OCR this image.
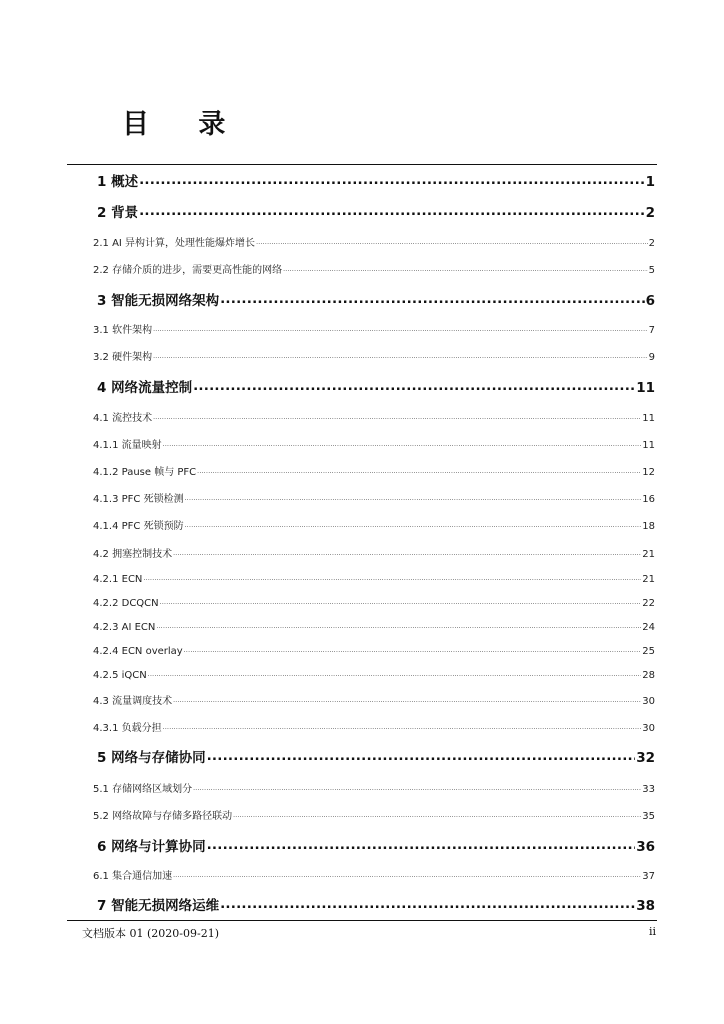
目 录
1 概述 .....	1
2 背景 .....	2
2.1 AI 异构计算，处理性能爆炸增长 .....	2
2.2 存储介质的进步，需要更高性能的网络 .....	5
3 智能无损网络架构 .....	6
3.1 软件架构 .....	7
3.2 硬件架构 .....	9
4 网络流量控制 .....	11
4.1 流控技术 .....	11
4.1.1 流量映射 .....	11
4.1.2 Pause 帧与 PFC .....	12
4.1.3 PFC 死锁检测 .....	16
4.1.4 PFC 死锁预防 .....	18
4.2 拥塞控制技术 .....	21
4.2.1 ECN .....	21
4.2.2 DCQCN .....	22
4.2.3 AI ECN .....	24
4.2.4 ECN overlay .....	25
4.2.5 iQCN .....	28
4.3 流量调度技术 .....	30
4.3.1 负载分担 .....	30
5 网络与存储协同 .....	32
5.1 存储网络区域划分 .....	33
5.2 网络故障与存储多路径联动 .....	35
6 网络与计算协同 .....	36
6.1 集合通信加速 .....	37
7 智能无损网络运维 .....	38
文档版本 01 (2020-09-21)	ii
